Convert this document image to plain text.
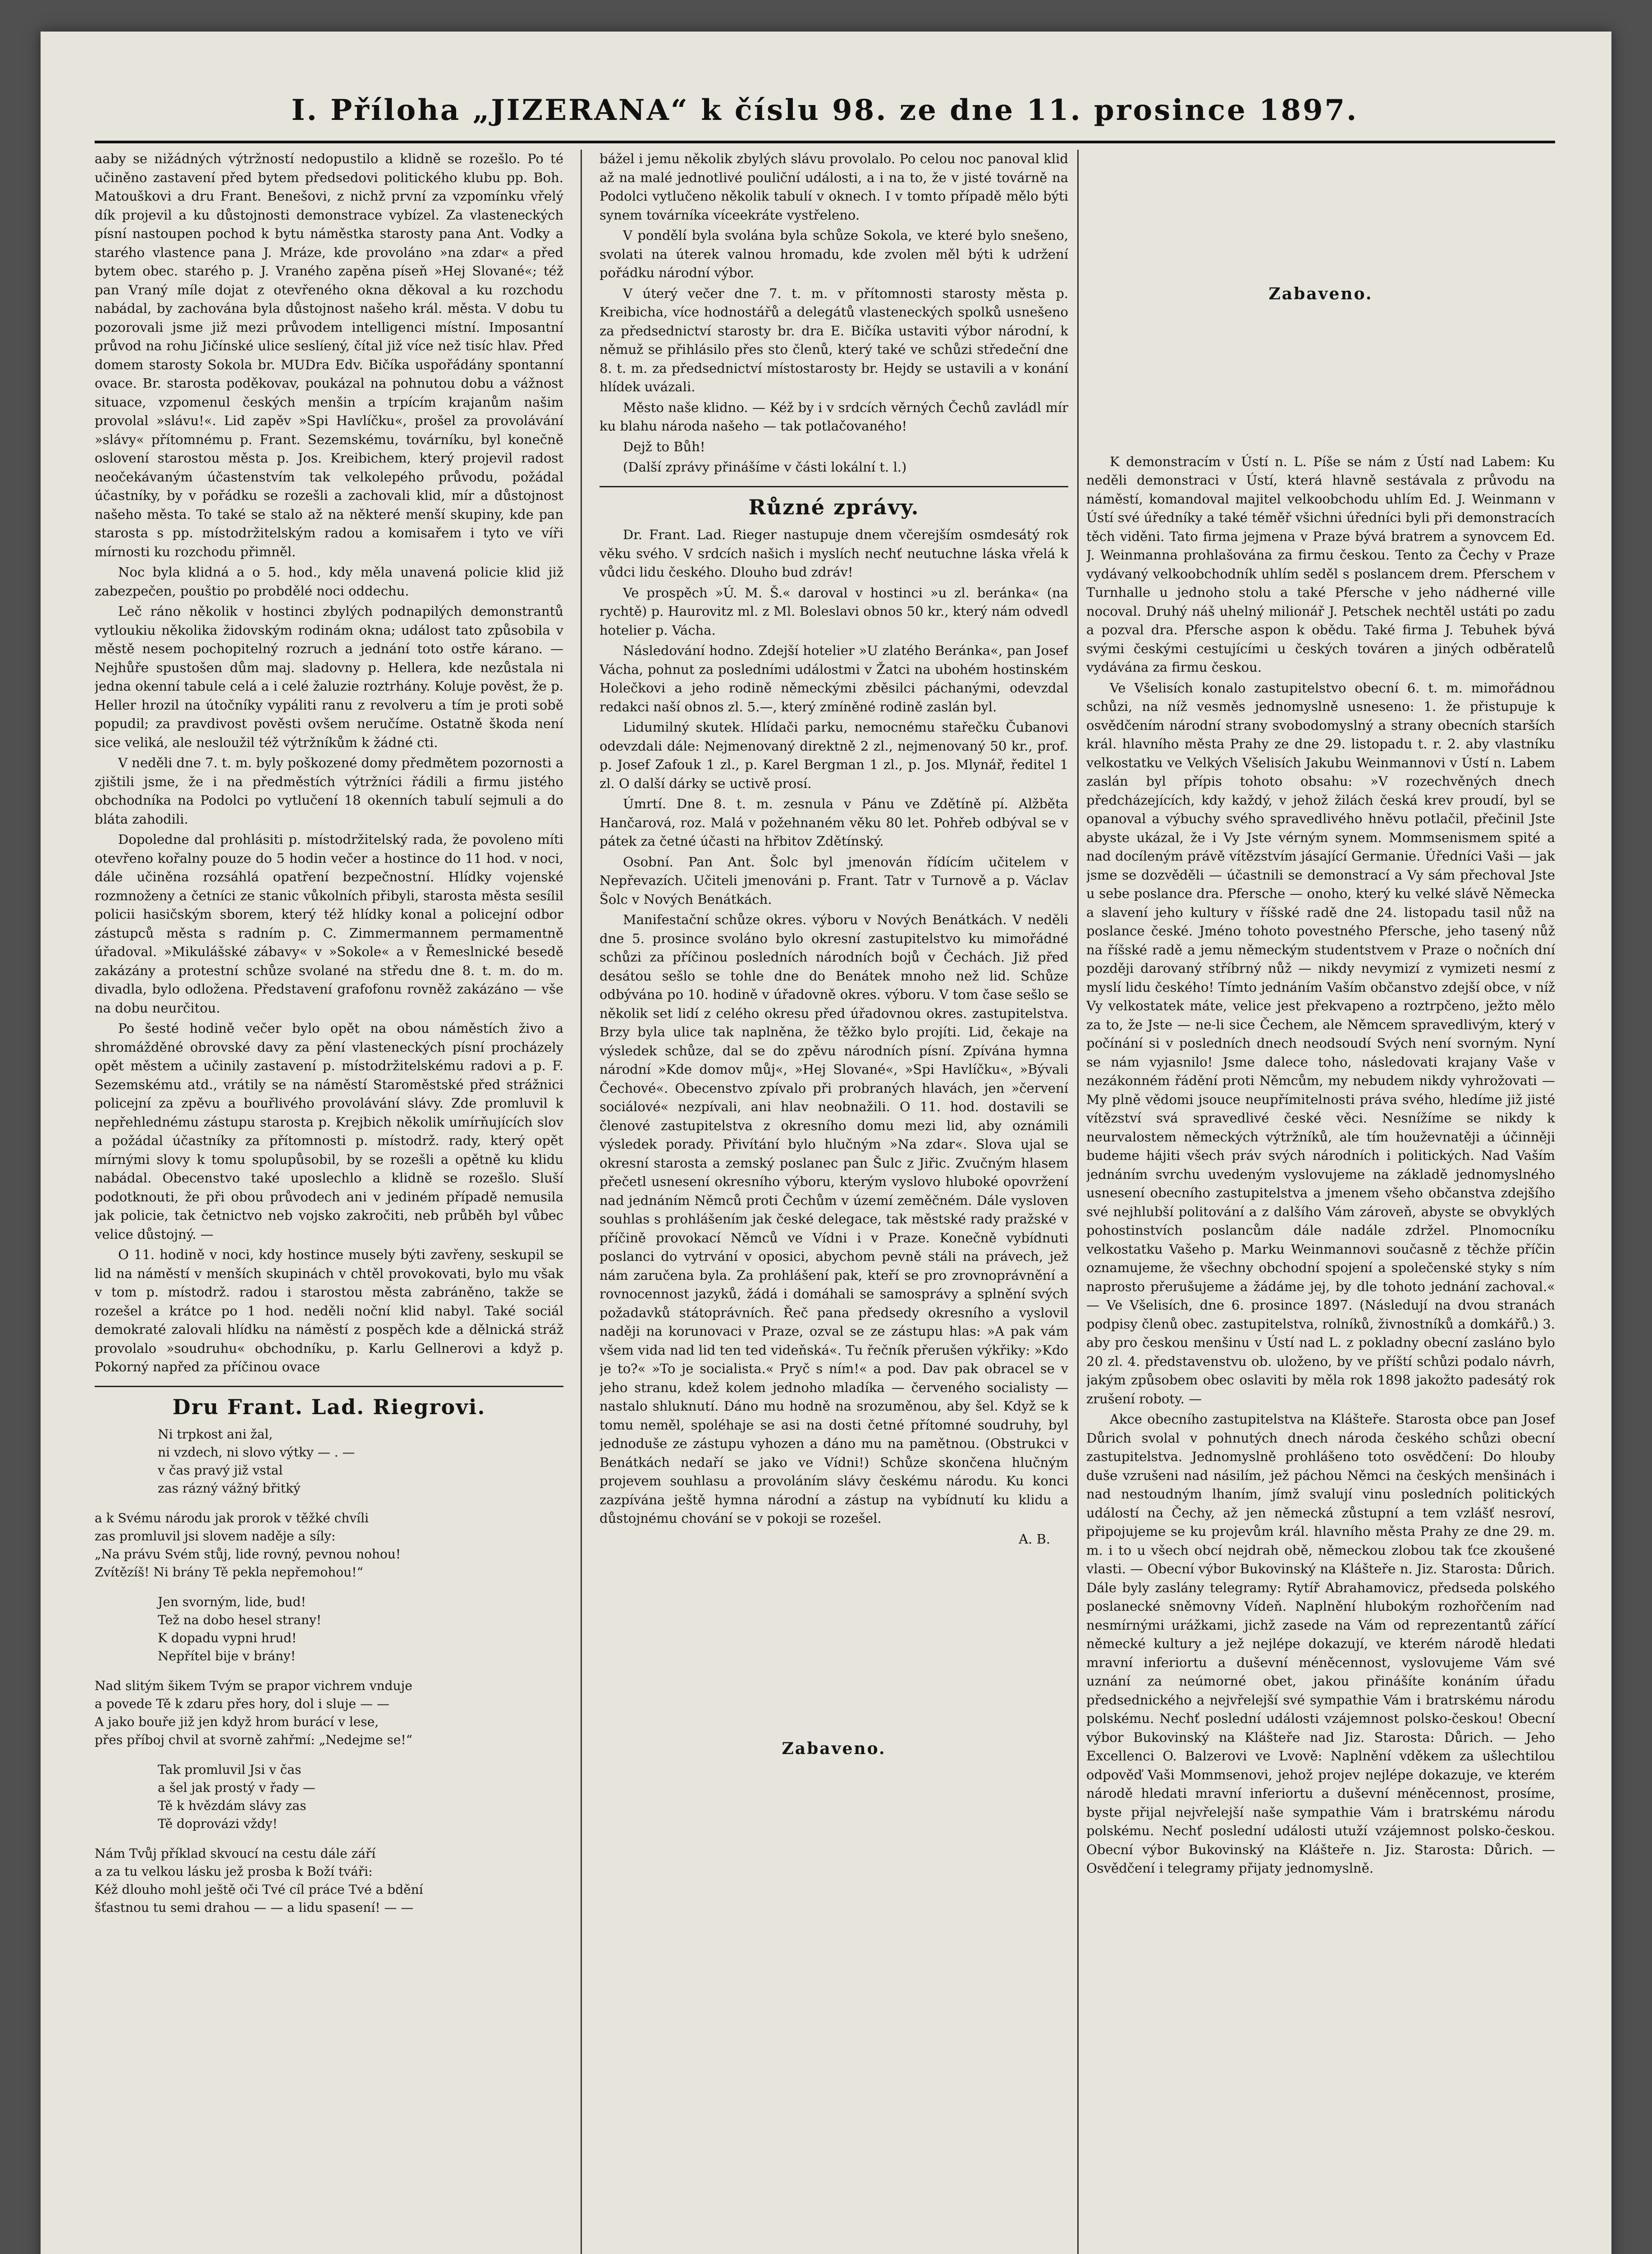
I. Příloha „JIZERANA“ k číslu 98. ze dne 11. prosince 1897.

aaby se nižádných výtržností nedopustilo a klidně se rozešlo. Po té učiněno zastavení před bytem předsedovi politického klubu pp. Boh. Matouškovi a dru Frant. Benešovi, z nichž první za vzpomínku vřelý dík projevil a ku důstojnosti demonstrace vybízel. Za vlasteneckých písní nastoupen pochod k bytu náměstka starosty pana Ant. Vodky a starého vlastence pana J. Mráze, kde provoláno »na zdar« a před bytem obec. starého p. J. Vraného zapěna píseň »Hej Slované«; též pan Vraný míle dojat z otevřeného okna děkoval a ku rozchodu nabádal, by zachována byla důstojnost našeho král. města. V dobu tu pozorovali jsme již mezi průvodem intelligenci místní. Imposantní průvod na rohu Jičínské ulice seslíený, čítal již více než tisíc hlav. Před domem starosty Sokola br. MUDra Edv. Bičíka uspořádány spontanní ovace. Br. starosta poděkovav, poukázal na pohnutou dobu a vážnost situace, vzpomenul českých menšin a trpícím krajanům našim provolal »slávu!«. Lid zapěv »Spi Havlíčku«, prošel za provolávání »slávy« přítomnému p. Frant. Sezemskému, továrníku, byl konečně oslovení starostou města p. Jos. Kreibichem, který projevil radost neočekávaným účastenstvím tak velkolepého průvodu, požádal účastníky, by v pořádku se rozešli a zachovali klid, mír a důstojnost našeho města. To také se stalo až na některé menší skupiny, kde pan starosta s pp. místodržitelským radou a komisařem i tyto ve víři mírnosti ku rozchodu přimněl.

Noc byla klidná a o 5. hod., kdy měla unavená policie klid již zabezpečen, pouštio po probdělé noci oddechu.

Leč ráno několik v hostinci zbylých podnapilých demonstrantů vytloukiu několika židovským rodinám okna; událost tato způsobila v městě nesem pochopitelný rozruch a jednání toto ostře kárano. — Nejhůře spustošen dům maj. sladovny p. Hellera, kde nezůstala ni jedna okenní tabule celá a i celé žaluzie roztrhány. Koluje pověst, že p. Heller hrozil na útočníky vypáliti ranu z revolveru a tím je proti sobě popudil; za pravdivost pověsti ovšem neručíme. Ostatně škoda není sice veliká, ale nesloužil též výtržníkům k žádné cti.

V neděli dne 7. t. m. byly poškozené domy předmětem pozornosti a zjištili jsme, že i na předměstích výtržníci řádili a firmu jistého obchodníka na Podolci po vytlučení 18 okenních tabulí sejmuli a do bláta zahodili.

Dopoledne dal prohlásiti p. místodržitelský rada, že povoleno míti otevřeno kořalny pouze do 5 hodin večer a hostince do 11 hod. v noci, dále učiněna rozsáhlá opatření bezpečnostní. Hlídky vojenské rozmnoženy a četníci ze stanic vůkolních přibyli, starosta města sesílil policii hasičským sborem, který též hlídky konal a policejní odbor zástupců města s radním p. C. Zimmermannem permamentně úřadoval. »Mikulášské zábavy« v »Sokole« a v Řemeslnické besedě zakázány a protestní schůze svolané na středu dne 8. t. m. do m. divadla, bylo odložena. Představení grafofonu rovněž zakázáno — vše na dobu neurčitou.

Po šesté hodině večer bylo opět na obou náměstích živo a shromážděné obrovské davy za pění vlasteneckých písní procházely opět městem a učinily zastavení p. místodržitelskému radovi a p. F. Sezemskému atd., vrátily se na náměstí Staroměstské před strážnici policejní za zpěvu a bouřlivého provolávání slávy. Zde promluvil k nepřehlednému zástupu starosta p. Krejbich několik umírňujících slov a požádal účastníky za přítomnosti p. místodrž. rady, který opět mírnými slovy k tomu spolupůsobil, by se rozešli a opětně ku klidu nabádal. Obecenstvo také uposlechlo a klidně se rozešlo. Sluší podotknouti, že při obou průvodech ani v jediném případě nemusila jak policie, tak četnictvo neb vojsko zakročiti, neb průběh byl vůbec velice důstojný. —

O 11. hodině v noci, kdy hostince musely býti zavřeny, seskupil se lid na náměstí v menších skupinách v chtěl provokovati, bylo mu však v tom p. místodrž. radou i starostou města zabráněno, takže se rozešel a krátce po 1 hod. neděli noční klid nabyl. Také sociál demokraté zalovali hlídku na náměstí z pospěch kde a dělnická stráž provolalo »soudruhu« obchodníku, p. Karlu Gellnerovi a když p. Pokorný napřed za příčinou ovace

Dru Frant. Lad. Riegrovi.
Ni trpkost ani žal,
ni vzdech, ni slovo výtky — . —
v čas pravý již vstal
zas rázný vážný břitký
a k Svému národu jak prorok v těžké chvíli
zas promluvil jsi slovem naděje a síly:
„Na právu Svém stůj, lide rovný, pevnou nohou!
Zvítězíš! Ni brány Tě pekla nepřemohou!“
Jen svorným, lide, bud!
Tež na dobo hesel strany!
K dopadu vypni hrud!
Nepřítel bije v brány!
Nad slitým šikem Tvým se prapor vichrem vnduje
a povede Tě k zdaru přes hory, dol i sluje — —
A jako bouře již jen když hrom burácí v lese,
přes příboj chvil at svorně zahřmí: „Nedejme se!“
Tak promluvil Jsi v čas
a šel jak prostý v řady —
Tě k hvězdám slávy zas
Tě doprovázi vždy!
Nám Tvůj příklad skvoucí na cestu dále září
a za tu velkou lásku jež prosba k Boží tváři:
Kéž dlouho mohl ještě oči Tvé cíl práce Tvé a bdění
šťastnou tu semi drahou — — a lidu spasení! — —

bážel i jemu několik zbylých slávu provolalo. Po celou noc panoval klid až na malé jednotlivé pouliční události, a i na to, že v jisté továrně na Podolci vytlučeno několik tabulí v oknech. I v tomto případě mělo býti synem továrníka víceekráte vystřeleno.

V pondělí byla svolána byla schůze Sokola, ve které bylo snešeno, svolati na úterek valnou hromadu, kde zvolen měl býti k udržení pořádku národní výbor.

V úterý večer dne 7. t. m. v přítomnosti starosty města p. Kreibicha, více hodnostářů a delegátů vlasteneckých spolků usnešeno za předsednictví starosty br. dra E. Bičíka ustaviti výbor národní, k němuž se přihlásilo přes sto členů, který také ve schůzi středeční dne 8. t. m. za předsednictví místostarosty br. Hejdy se ustavili a v konání hlídek uvázali.

Město naše klidno. — Kéž by i v srdcích věrných Čechů zavládl mír ku blahu národa našeho — tak potlačovaného!

Dejž to Bůh!

(Další zprávy přinášíme v části lokální t. l.)

Různé zprávy.

Dr. Frant. Lad. Rieger nastupuje dnem včerejším osmdesátý rok věku svého. V srdcích našich i myslích nechť neutuchne láska vřelá k vůdci lidu českého. Dlouho bud zdráv!

Ve prospěch »Ú. M. Š.« daroval v hostinci »u zl. beránka« (na rychtě) p. Haurovitz ml. z Ml. Boleslavi obnos 50 kr., který nám odvedl hotelier p. Vácha.

Následování hodno. Zdejší hotelier »U zlatého Beránka«, pan Josef Vácha, pohnut za posledními událostmi v Žatci na ubohém hostinském Holečkovi a jeho rodině německými zběsilci páchanými, odevzdal redakci naší obnos zl. 5.—, který zmíněné rodině zaslán byl.

Lidumilný skutek. Hlídači parku, nemocnému stařečku Čubanovi odevzdali dále: Nejmenovaný direktně 2 zl., nejmenovaný 50 kr., prof. p. Josef Zafouk 1 zl., p. Karel Bergman 1 zl., p. Jos. Mlynář, ředitel 1 zl. O další dárky se uctivě prosí.

Úmrtí. Dne 8. t. m. zesnula v Pánu ve Zdětíně pí. Alžběta Hančarová, roz. Malá v požehnaném věku 80 let. Pohřeb odbýval se v pátek za četné účasti na hřbitov Zdětínský.

Osobní. Pan Ant. Šolc byl jmenován řídícím učitelem v Nepřevazích. Učiteli jmenováni p. Frant. Tatr v Turnově a p. Václav Šolc v Nových Benátkách.

Manifestační schůze okres. výboru v Nových Benátkách. V neděli dne 5. prosince svoláno bylo okresní zastupitelstvo ku mimořádné schůzi za příčinou posledních národních bojů v Čechách. Již před desátou sešlo se tohle dne do Benátek mnoho než lid. Schůze odbývána po 10. hodině v úřadovně okres. výboru. V tom čase sešlo se několik set lidí z celého okresu před úřadovnou okres. zastupitelstva. Brzy byla ulice tak naplněna, že těžko bylo projíti. Lid, čekaje na výsledek schůze, dal se do zpěvu národních písní. Zpívána hymna národní »Kde domov můj«, »Hej Slované«, »Spi Havlíčku«, »Bývali Čechové«. Obecenstvo zpívalo při probraných hlavách, jen »červení sociálové« nezpívali, ani hlav neobnažili. O 11. hod. dostavili se členové zastupitelstva z okresního domu mezi lid, aby oznámili výsledek porady. Přivítání bylo hlučným »Na zdar«. Slova ujal se okresní starosta a zemský poslanec pan Šulc z Jiřic. Zvučným hlasem přečetl usnesení okresního výboru, kterým vyslovo hluboké opovržení nad jednáním Němců proti Čechům v území zeměčném. Dále vysloven souhlas s prohlášením jak české delegace, tak městské rady pražské v příčině provokací Němců ve Vídni i v Praze. Konečně vybídnuti poslanci do vytrvání v oposici, abychom pevně stáli na právech, jež nám zaručena byla. Za prohlášení pak, kteří se pro zrovnoprávnění a rovnocennost jazyků, žádá i domáhali se samosprávy a splnění svých požadavků státoprávních. Řeč pana předsedy okresního a vyslovil naději na korunovaci v Praze, ozval se ze zástupu hlas: »A pak vám všem vida nad lid ten ted videňská«. Tu řečník přerušen výkřiky: »Kdo je to?« »To je socialista.« Pryč s ním!« a pod. Dav pak obracel se v jeho stranu, kdež kolem jednoho mladíka — červeného socialisty — nastalo shluknutí. Dáno mu hodně na srozuměnou, aby šel. Když se k tomu neměl, spoléhaje se asi na dosti četné přítomné soudruhy, byl jednoduše ze zástupu vyhozen a dáno mu na pamětnou. (Obstrukci v Benátkách nedaří se jako ve Vídni!) Schůze skončena hlučným projevem souhlasu a provoláním slávy českému národu. Ku konci zazpívána ještě hymna národní a zástup na vybídnutí ku klidu a důstojnému chování se v pokoji se rozešel.

A. B.

Zabaveno.
Zabaveno.

K demonstracím v Ústí n. L. Píše se nám z Ústí nad Labem: Ku neděli demonstraci v Ústí, která hlavně sestávala z průvodu na náměstí, komandoval majitel velkoobchodu uhlím Ed. J. Weinmann v Ústí své úředníky a také téměř všichni úředníci byli při demonstracích těch viděni. Tato firma jejmena v Praze bývá bratrem a synovcem Ed. J. Weinmanna prohlašována za firmu českou. Tento za Čechy v Praze vydávaný velkoobchodník uhlím seděl s poslancem drem. Pferschem v Turnhalle u jednoho stolu a také Pfersche v jeho nádherné ville nocoval. Druhý náš uhelný milionář J. Petschek nechtěl ustáti po zadu a pozval dra. Pfersche aspon k obědu. Také firma J. Tebuhek bývá svými českými cestujícími u českých továren a jiných odběratelů vydávána za firmu českou.

Ve Všelisích konalo zastupitelstvo obecní 6. t. m. mimořádnou schůzi, na níž vesměs jednomyslně usneseno: 1. že přistupuje k osvědčením národní strany svobodomyslný a strany obecních starších král. hlavního města Prahy ze dne 29. listopadu t. r. 2. aby vlastníku velkostatku ve Velkých Všelisích Jakubu Weinmannovi v Ústí n. Labem zaslán byl přípis tohoto obsahu: »V rozechvěných dnech předcházejících, kdy každý, v jehož žilách česká krev proudí, byl se opanoval a výbuchy svého spravedlivého hněvu potlačil, přečinil Jste abyste ukázal, že i Vy Jste vérným synem. Mommsenismem spité a nad docíleným právě vítězstvím jásající Germanie. Úředníci Vaši — jak jsme se dozvěděli — účastnili se demonstrací a Vy sám přechoval Jste u sebe poslance dra. Pfersche — onoho, který ku velké slávě Německa a slavení jeho kultury v říšské radě dne 24. listopadu tasil nůž na poslance české. Jméno tohoto povestného Pfersche, jeho tasený nůž na říšské radě a jemu německým studentstvem v Praze o nočních dní později darovaný stříbrný nůž — nikdy nevymizí z vymizeti nesmí z myslí lidu českého! Tímto jednáním Vaším občanstvo zdejší obce, v níž Vy velkostatek máte, velice jest překvapeno a roztrpčeno, ježto mělo za to, že Jste — ne-li sice Čechem, ale Němcem spravedlivým, který v počínání si v posledních dnech neodsoudí Svých není svorným. Nyní se nám vyjasnilo! Jsme dalece toho, následovati krajany Vaše v nezákonném řádění proti Němcům, my nebudem nikdy vyhrožovati — My plně vědomi jsouce neupřímitelnosti práva svého, hledíme již jisté vítězství svá spravedlivé české věci. Nesnížíme se nikdy k neurvalostem německých výtržníků, ale tím houževnatěji a účinněji budeme hájiti všech práv svých národních i politických. Nad Vaším jednáním svrchu uvedeným vyslovujeme na základě jednomyslného usnesení obecního zastupitelstva a jmenem všeho občanstva zdejšího své nejhlubší politování a z dalšího Vám zároveň, abyste se obvyklých pohostinstvích poslancům dále nadále zdržel. Plnomocníku velkostatku Vašeho p. Marku Weinmannovi současně z těchže příčin oznamujeme, že všechny obchodní spojení a společenské styky s ním naprosto přerušujeme a žádáme jej, by dle tohoto jednání zachoval.« — Ve Všelisích, dne 6. prosince 1897. (Následují na dvou stranách podpisy členů obec. zastupitelstva, rolníků, živnostníků a domkářů.) 3. aby pro českou menšinu v Ústí nad L. z pokladny obecní zasláno bylo 20 zl. 4. představenstvu ob. uloženo, by ve příští schůzi podalo návrh, jakým způsobem obec oslaviti by měla rok 1898 jakožto padesátý rok zrušení roboty. —

Akce obecního zastupitelstva na Klášteře. Starosta obce pan Josef Důrich svolal v pohnutých dnech národa českého schůzi obecní zastupitelstva. Jednomyslně prohlášeno toto osvědčení: Do hlouby duše vzrušeni nad násilím, jež páchou Němci na českých menšinách i nad nestoudným lhaním, jímž svalují vinu posledních politických událostí na Čechy, až jen německá zůstupní a tem vzlášť nesroví, připojujeme se ku projevům král. hlavního města Prahy ze dne 29. m. m. i to u všech obcí nejdrah obě, německou zlobou tak ťce zkoušené vlasti. — Obecní výbor Bukovinský na Klášteře n. Jiz. Starosta: Důrich. Dále byly zaslány telegramy: Rytíř Abrahamovicz, předseda polského poslanecké sněmovny Vídeň. Naplnění hlubokým rozhořčením nad nesmírnými urážkami, jichž zasede na Vám od reprezentantů zářící německé kultury a jež nejlépe dokazují, ve kterém národě hledati mravní inferiortu a duševní méněcennost, vyslovujeme Vám své uznání za neúmorné obet, jakou přinášíte konáním úřadu předsednického a nejvřelejší své sympathie Vám i bratrskému národu polskému. Nechť poslední události vzájemnost polsko-českou! Obecní výbor Bukovinský na Klášteře nad Jiz. Starosta: Důrich. — Jeho Excellenci O. Balzerovi ve Lvově: Naplnění vděkem za ušlechtilou odpověď Vaši Mommsenovi, jehož projev nejlépe dokazuje, ve kterém národě hledati mravní inferiortu a duševní méněcennost, prosíme, byste přijal nejvřelejší naše sympathie Vám i bratrskému národu polskému. Nechť poslední události utuží vzájemnost polsko-českou. Obecní výbor Bukovinský na Klášteře n. Jiz. Starosta: Důrich. — Osvědčení i telegramy přijaty jednomyslně.
